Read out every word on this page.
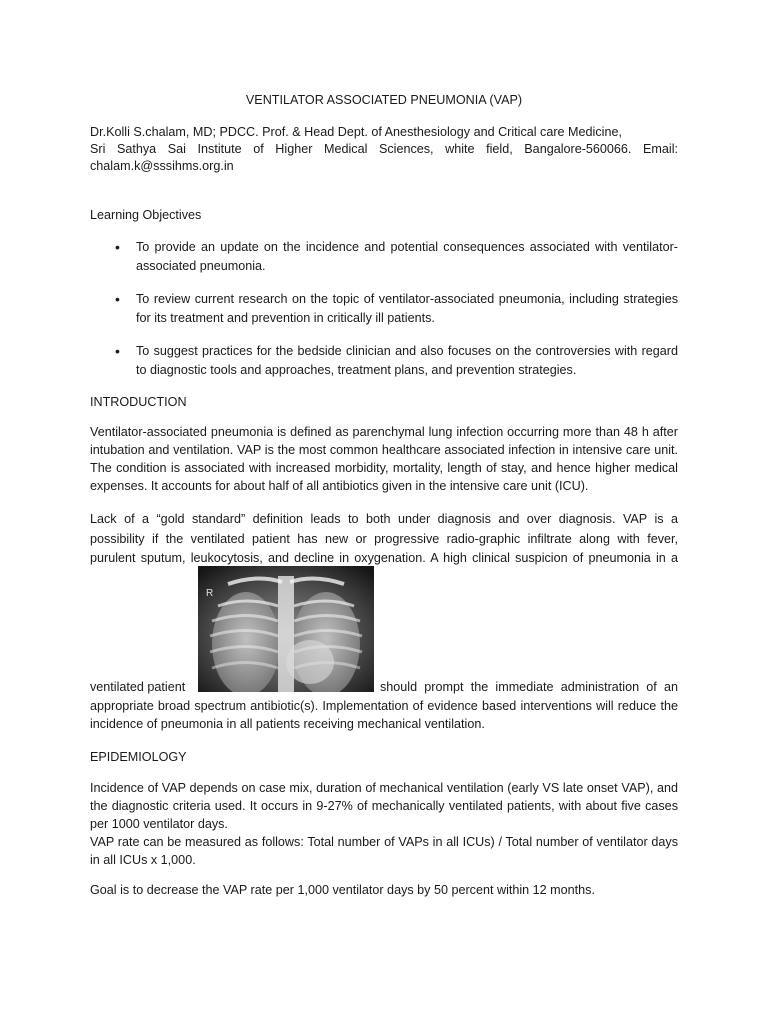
VENTILATOR ASSOCIATED PNEUMONIA (VAP)

Dr.Kolli S.chalam, MD; PDCC. Prof. & Head Dept. of Anesthesiology and Critical care Medicine,

Sri Sathya Sai Institute of Higher Medical Sciences, white field, Bangalore-560066. Email:

chalam.k@sssihms.org.in

Learning Objectives

• To provide an update on the incidence and potential consequences associated with ventilator-

associated pneumonia.

• To review current research on the topic of ventilator-associated pneumonia, including strategies

for its treatment and prevention in critically ill patients.

• To suggest practices for the bedside clinician and also focuses on the controversies with regard

to diagnostic tools and approaches, treatment plans, and prevention strategies.

INTRODUCTION

Ventilator-associated pneumonia is defined as parenchymal lung infection occurring more than 48 h after intubation and ventilation. VAP is the most common healthcare associated infection in intensive care unit. The condition is associated with increased morbidity, mortality, length of stay, and hence higher medical expenses. It accounts for about half of all antibiotics given in the intensive care unit (ICU).

Lack of a “gold standard” definition leads to both under diagnosis and over diagnosis. VAP is a

possibility if the ventilated patient has new or progressive radio-graphic infiltrate along with fever,

purulent sputum, leukocytosis, and decline in oxygenation. A high clinical suspicion of pneumonia in a

R

ventilated patient	should prompt the immediate administration of an

appropriate broad spectrum antibiotic(s). Implementation of evidence based interventions will reduce the incidence of pneumonia in all patients receiving mechanical ventilation.

EPIDEMIOLOGY

Incidence of VAP depends on case mix, duration of mechanical ventilation (early VS late onset VAP), and the diagnostic criteria used. It occurs in 9-27% of mechanically ventilated patients, with about five cases per 1000 ventilator days.

VAP rate can be measured as follows: Total number of VAPs in all ICUs) / Total number of ventilator days in all ICUs x 1,000.

Goal is to decrease the VAP rate per 1,000 ventilator days by 50 percent within 12 months.
